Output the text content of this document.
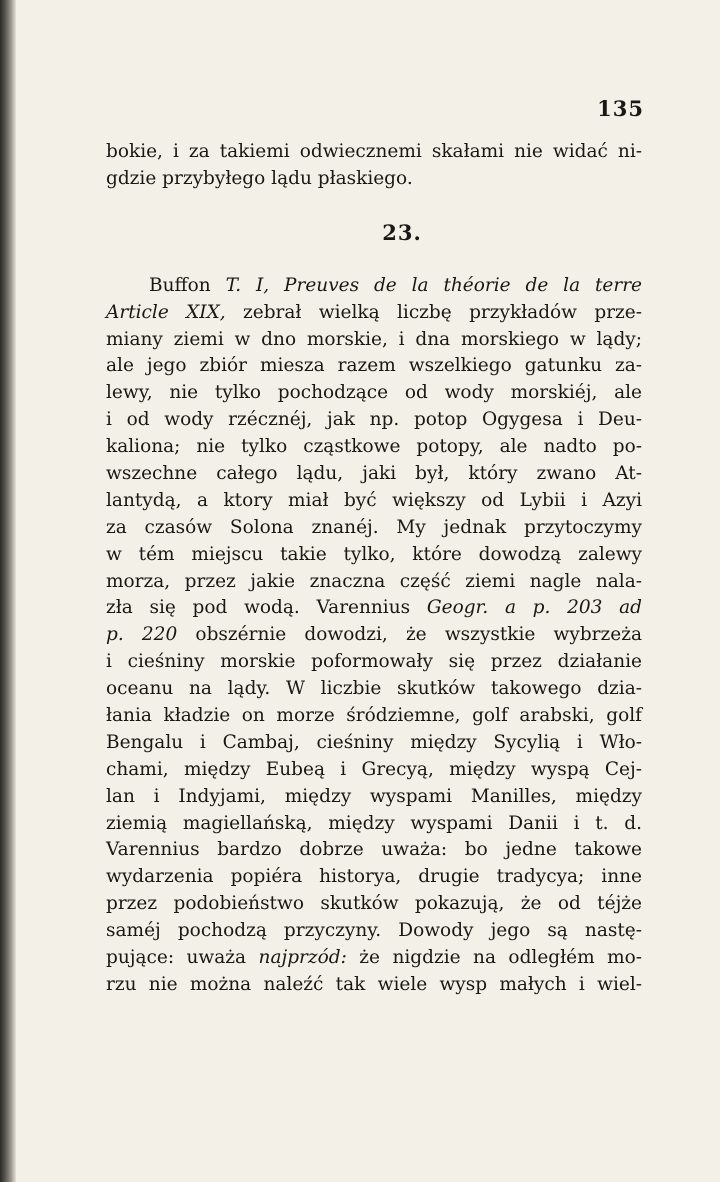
135
bokie, i za takiemi odwiecznemi skałami nie widać ni-
gdzie przybyłego lądu płaskiego.
23.
Buffon T. I, Preuves de la théorie de la terre
Article XIX, zebrał wielką liczbę przykładów prze-
miany ziemi w dno morskie, i dna morskiego w lądy;
ale jego zbiór miesza razem wszelkiego gatunku za-
lewy, nie tylko pochodzące od wody morskiéj, ale
i od wody rzécznéj, jak np. potop Ogygesa i Deu-
kaliona; nie tylko cząstkowe potopy, ale nadto po-
wszechne całego lądu, jaki był, który zwano At-
lantydą, a ktory miał być większy od Lybii i Azyi
za czasów Solona znanéj. My jednak przytoczymy
w tém miejscu takie tylko, które dowodzą zalewy
morza, przez jakie znaczna część ziemi nagle nala-
zła się pod wodą. Varennius Geogr. a p. 203 ad
p. 220 obszérnie dowodzi, że wszystkie wybrzeża
i cieśniny morskie poformowały się przez działanie
oceanu na lądy. W liczbie skutków takowego dzia-
łania kładzie on morze śródziemne, golf arabski, golf
Bengalu i Cambaj, cieśniny między Sycylią i Wło-
chami, między Eubeą i Grecyą, między wyspą Cej-
lan i Indyjami, między wyspami Manilles, między
ziemią magiellańską, między wyspami Danii i t. d.
Varennius bardzo dobrze uważa: bo jedne takowe
wydarzenia popiéra historya, drugie tradycya; inne
przez podobieństwo skutków pokazują, że od téjże
saméj pochodzą przyczyny. Dowody jego są nastę-
pujące: uważa najprzód: że nigdzie na odległém mo-
rzu nie można naleźć tak wiele wysp małych i wiel-
